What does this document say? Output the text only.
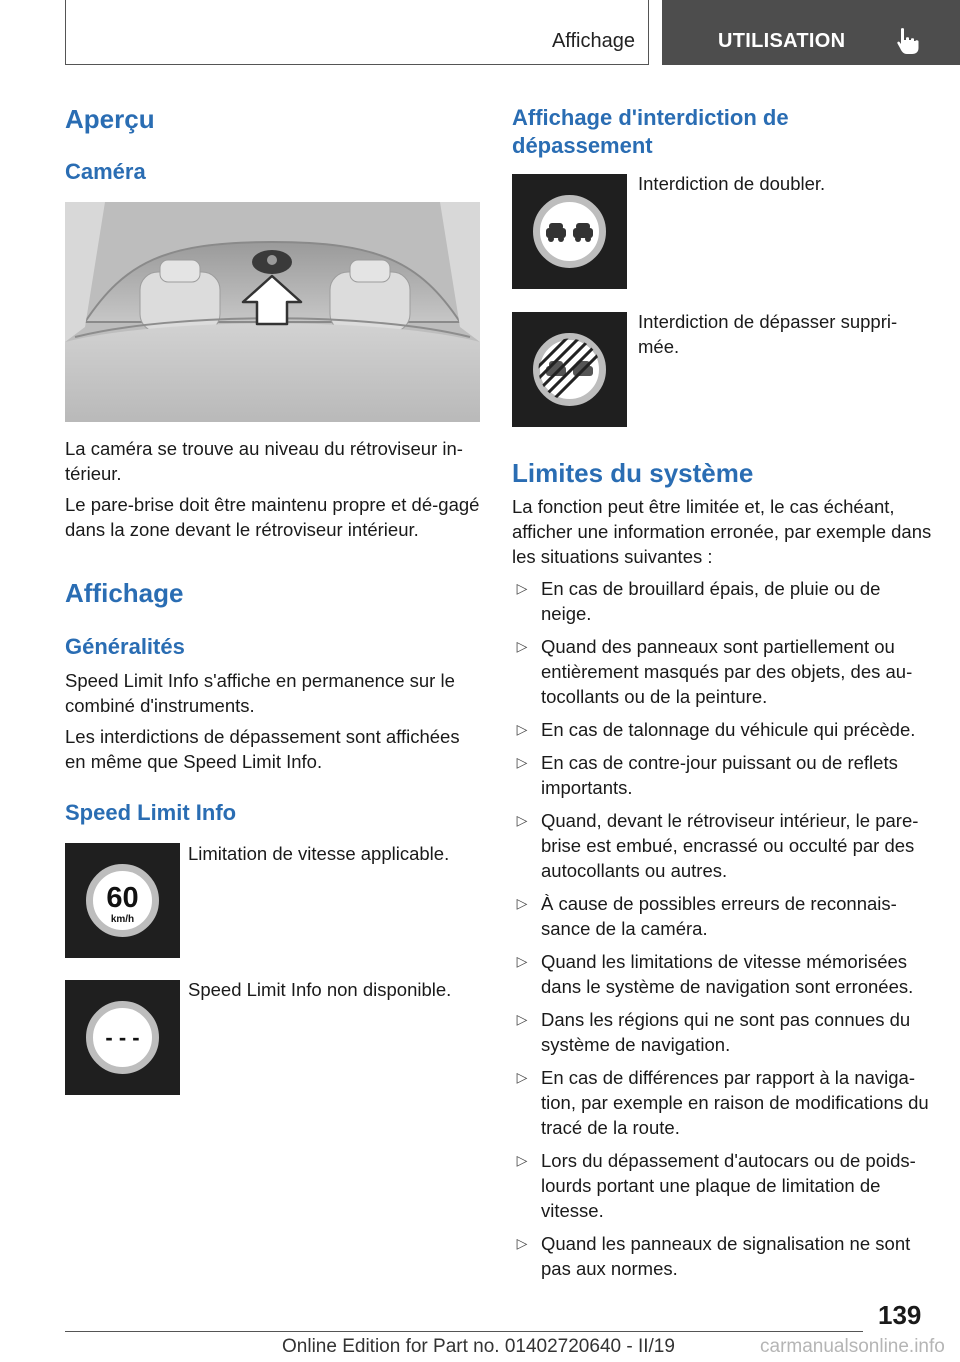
Affichage	UTILISATION
Aperçu
Caméra
La caméra se trouve au niveau du rétroviseur in-térieur.
Le pare-brise doit être maintenu propre et dé-gagé dans la zone devant le rétroviseur intérieur.
Affichage
Généralités
Speed Limit Info s'affiche en permanence sur le combiné d'instruments.
Les interdictions de dépassement sont affichées en même que Speed Limit Info.
Speed Limit Info
60
km/h
Limitation de vitesse applicable.
- - -
Speed Limit Info non disponible.
Affichage d'interdiction de dépassement
Interdiction de doubler.
Interdiction de dépasser suppri-mée.
Limites du système
La fonction peut être limitée et, le cas échéant, afficher une information erronée, par exemple dans les situations suivantes :
▷ En cas de brouillard épais, de pluie ou de neige.
▷ Quand des panneaux sont partiellement ou entièrement masqués par des objets, des au-tocollants ou de la peinture.
▷ En cas de talonnage du véhicule qui précède.
▷ En cas de contre-jour puissant ou de reflets importants.
▷ Quand, devant le rétroviseur intérieur, le pare-brise est embué, encrassé ou occulté par des autocollants ou autres.
▷ À cause de possibles erreurs de reconnais-sance de la caméra.
▷ Quand les limitations de vitesse mémorisées dans le système de navigation sont erronées.
▷ Dans les régions qui ne sont pas connues du système de navigation.
▷ En cas de différences par rapport à la naviga-tion, par exemple en raison de modifications du tracé de la route.
▷ Lors du dépassement d'autocars ou de poids-lourds portant une plaque de limitation de vitesse.
▷ Quand les panneaux de signalisation ne sont pas aux normes.
139
Online Edition for Part no. 01402720640 - II/19	carmanualsonline.info
